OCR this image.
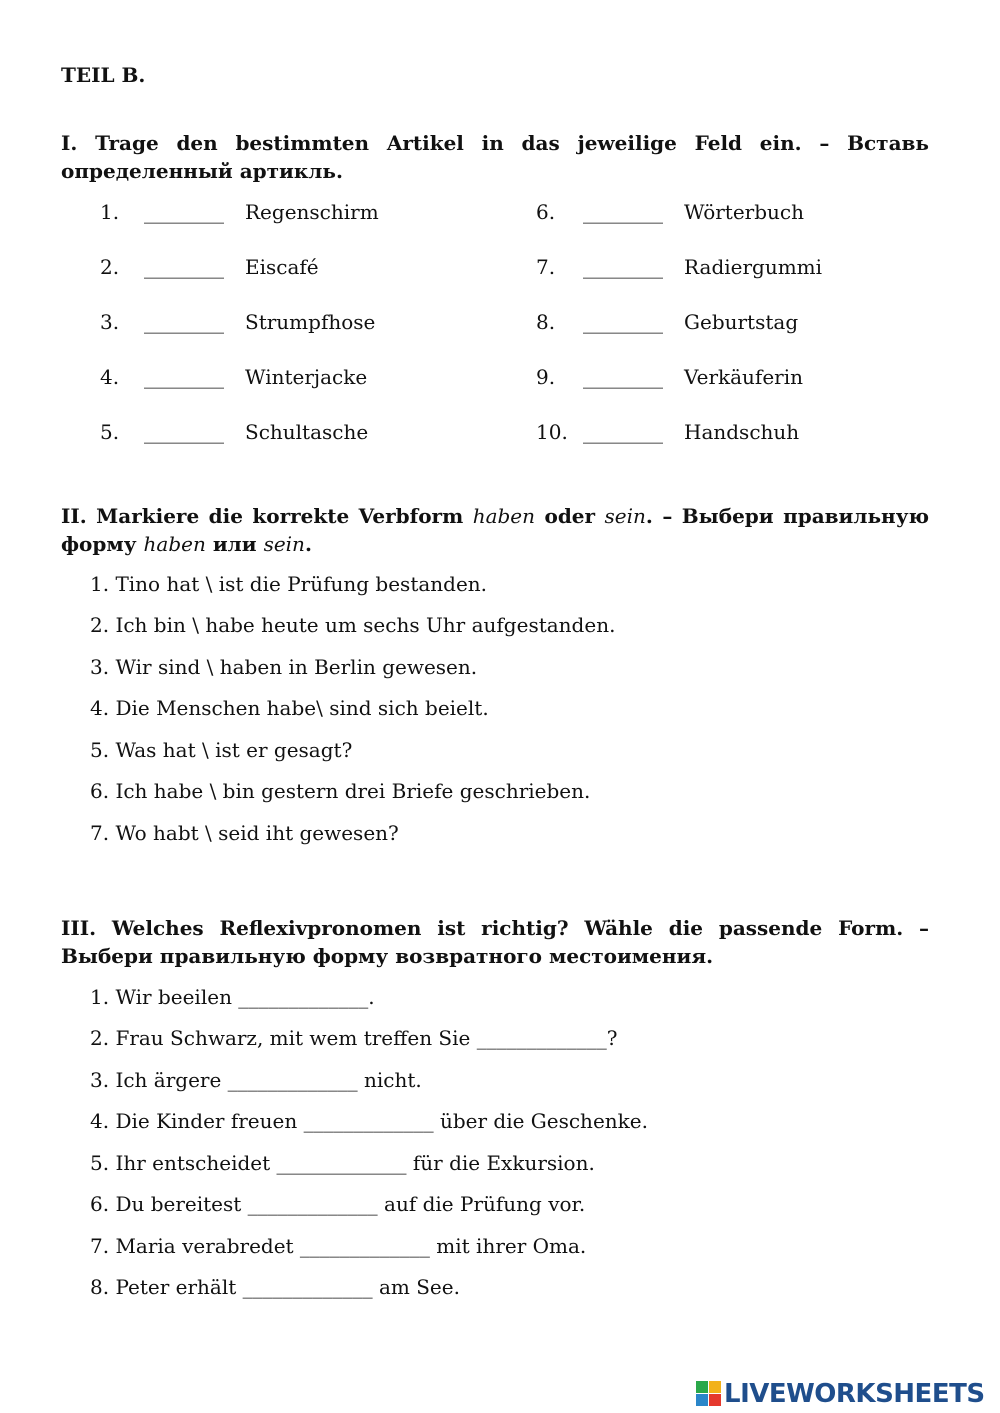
TEIL B.
I. Trage den bestimmten Artikel in das jeweilige Feld ein. – Вставь определенный артикль.
1. ________ Regenschirm
2. ________ Eiscafé
3. ________ Strumpfhose
4. ________ Winterjacke
5. ________ Schultasche
6. ________ Wörterbuch
7. ________ Radiergummi
8. ________ Geburtstag
9. ________ Verkäuferin
10. ________ Handschuh
II. Markiere die korrekte Verbform haben oder sein. – Выбери правильную форму haben или sein.
1. Tino hat \ ist die Prüfung bestanden.
2. Ich bin \ habe heute um sechs Uhr aufgestanden.
3. Wir sind \ haben in Berlin gewesen.
4. Die Menschen habe\ sind sich beielt.
5. Was hat \ ist er gesagt?
6. Ich habe \ bin gestern drei Briefe geschrieben.
7. Wo habt \ seid iht gewesen?
III. Welches Reflexivpronomen ist richtig? Wähle die passende Form. – Выбери правильную форму возвратного местоимения.
1. Wir beeilen _____________.
2. Frau Schwarz, mit wem treffen Sie _____________?
3. Ich ärgere _____________ nicht.
4. Die Kinder freuen _____________ über die Geschenke.
5. Ihr entscheidet _____________ für die Exkursion.
6. Du bereitest _____________ auf die Prüfung vor.
7. Maria verabredet _____________ mit ihrer Oma.
8. Peter erhält _____________ am See.
LIVEWORKSHEETS
